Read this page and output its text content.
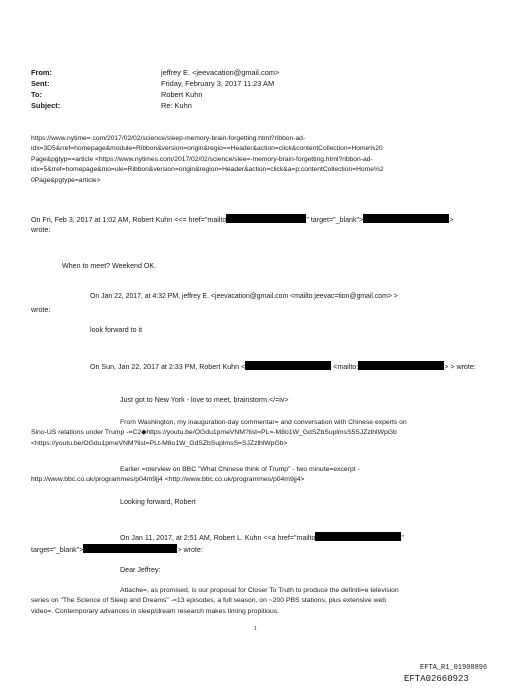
From:	jeffrey E. <jeevacation@gmail.com>
Sent:	Friday, February 3, 2017 11:23 AM
To:	Robert Kuhn
Subject:	Re: Kuhn
https://www.nytime=.com/2017/02/02/science/sleep-memory-brain-forgetting.html?ribbon-ad-
idx=3D5&rref=homepage&module=Ribbon&version=origin&regio==Header&action=click&contentCollection=Home%20
Page&pgtyp==article <https://www.nytimes.com/2017/02/02/science/slee=-memory-brain-forgetting.html?ribbon-ad-
idx=5&rref=homepage&mo=ule=Ribbon&version=origin&region=Header&action=click&a=p;contentCollection=Home%2
0Page&pgtype=article>
On Fri, Feb 3, 2017 at 1:02 AM, Robert Kuhn <<= href="mailto	" target="_blank">	>
wrote:
When to meet? Weekend OK.
On Jan 22, 2017, at 4:32 PM, jeffrey E. <jeevacation@gmail.com <mailto:jeevac=tion@gmail.com> >
wrote:
look forward to it
On Sun, Jan 22, 2017 at 2:33 PM, Robert Kuhn <	<mailto:	> > wrote:
Just got to New York - love to meet, brainstorm.</=iv>
From Washington, my inauguration-day commentar= and conversation with Chinese experts on
Sino-US relations under Trump -=C2◆https://youtu.be/OGdu1pmeVNM?list=PL=-M8o1W_GdSZbSuplmsS5SJZzlhlWpGb
<https://youtu.be/OGdu1pmeVNM?list=PLt-M8o1W_GdSZbSuplmsS=SJZzlhlWpGb>
Earlier =nterview on BBC "What Chinese think of Trump" - two minute=excerpt -
http://www.bbc.co.uk/programmes/p04m9jj4 <http://www.bbc.co.uk/programmes/p04m9jj4>
Looking forward, Robert
On Jan 11, 2017, at 2:51 AM, Robert L. Kuhn <<a href="mailto	"
target="_blank">	> wrote:
Dear Jeffrey:
Attache=, as promised, is our proposal for Closer To Truth to produce the definiti=e television
series on "The Science of Sleep and Dreams" -=13 episodes, a full season, on ~200 PBS stations, plus extensive web
video=. Contemporary advances in sleep/dream research makes timing propitious.
1
EFTA_R1_01908896
EFTA02660923
